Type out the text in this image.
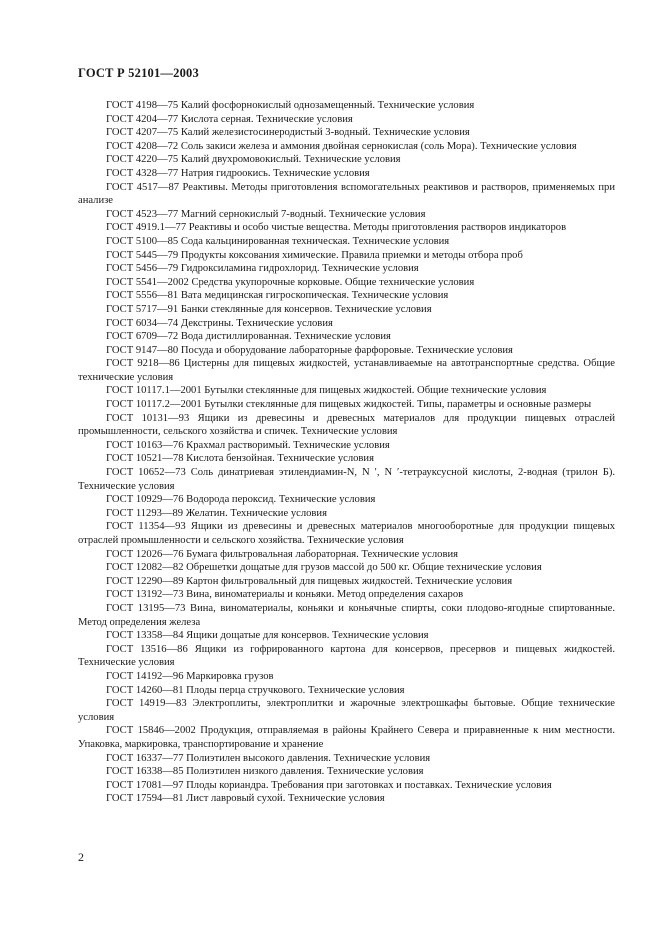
ГОСТ Р 52101—2003

ГОСТ 4198—75 Калий фосфорнокислый однозамещенный. Технические условия

ГОСТ 4204—77 Кислота серная. Технические условия

ГОСТ 4207—75 Калий железистосинеродистый 3-водный. Технические условия

ГОСТ 4208—72 Соль закиси железа и аммония двойная сернокислая (соль Мора). Технические условия

ГОСТ 4220—75 Калий двухромовокислый. Технические условия

ГОСТ 4328—77 Натрия гидроокись. Технические условия

ГОСТ 4517—87 Реактивы. Методы приготовления вспомогательных реактивов и растворов, применяемых при анализе

ГОСТ 4523—77 Магний сернокислый 7-водный. Технические условия

ГОСТ 4919.1—77 Реактивы и особо чистые вещества. Методы приготовления растворов индикаторов

ГОСТ 5100—85 Сода кальцинированная техническая. Технические условия

ГОСТ 5445—79 Продукты коксования химические. Правила приемки и методы отбора проб

ГОСТ 5456—79 Гидроксиламина гидрохлорид. Технические условия

ГОСТ 5541—2002 Средства укупорочные корковые. Общие технические условия

ГОСТ 5556—81 Вата медицинская гигроскопическая. Технические условия

ГОСТ 5717—91 Банки стеклянные для консервов. Технические условия

ГОСТ 6034—74 Декстрины. Технические условия

ГОСТ 6709—72 Вода дистиллированная. Технические условия

ГОСТ 9147—80 Посуда и оборудование лабораторные фарфоровые. Технические условия

ГОСТ 9218—86 Цистерны для пищевых жидкостей, устанавливаемые на автотранспортные средства. Общие технические условия

ГОСТ 10117.1—2001 Бутылки стеклянные для пищевых жидкостей. Общие технические условия

ГОСТ 10117.2—2001 Бутылки стеклянные для пищевых жидкостей. Типы, параметры и основные размеры

ГОСТ 10131—93 Ящики из древесины и древесных материалов для продукции пищевых отраслей промышленности, сельского хозяйства и спичек. Технические условия

ГОСТ 10163—76 Крахмал растворимый. Технические условия

ГОСТ 10521—78 Кислота бензойная. Технические условия

ГОСТ 10652—73 Соль динатриевая этилендиамин-N, N ′, N ′-тетрауксусной кислоты, 2-водная (трилон Б). Технические условия

ГОСТ 10929—76 Водорода пероксид. Технические условия

ГОСТ 11293—89 Желатин. Технические условия

ГОСТ 11354—93 Ящики из древесины и древесных материалов многооборотные для продукции пищевых отраслей промышленности и сельского хозяйства. Технические условия

ГОСТ 12026—76 Бумага фильтровальная лабораторная. Технические условия

ГОСТ 12082—82 Обрешетки дощатые для грузов массой до 500 кг. Общие технические условия

ГОСТ 12290—89 Картон фильтровальный для пищевых жидкостей. Технические условия

ГОСТ 13192—73 Вина, виноматериалы и коньяки. Метод определения сахаров

ГОСТ 13195—73 Вина, виноматериалы, коньяки и коньячные спирты, соки плодово-ягодные спиртованные. Метод определения железа

ГОСТ 13358—84 Ящики дощатые для консервов. Технические условия

ГОСТ 13516—86 Ящики из гофрированного картона для консервов, пресервов и пищевых жидкостей. Технические условия

ГОСТ 14192—96 Маркировка грузов

ГОСТ 14260—81 Плоды перца стручкового. Технические условия

ГОСТ 14919—83 Электроплиты, электроплитки и жарочные электрошкафы бытовые. Общие технические условия

ГОСТ 15846—2002 Продукция, отправляемая в районы Крайнего Севера и приравненные к ним местности. Упаковка, маркировка, транспортирование и хранение

ГОСТ 16337—77 Полиэтилен высокого давления. Технические условия

ГОСТ 16338—85 Полиэтилен низкого давления. Технические условия

ГОСТ 17081—97 Плоды кориандра. Требования при заготовках и поставках. Технические условия

ГОСТ 17594—81 Лист лавровый сухой. Технические условия

2
